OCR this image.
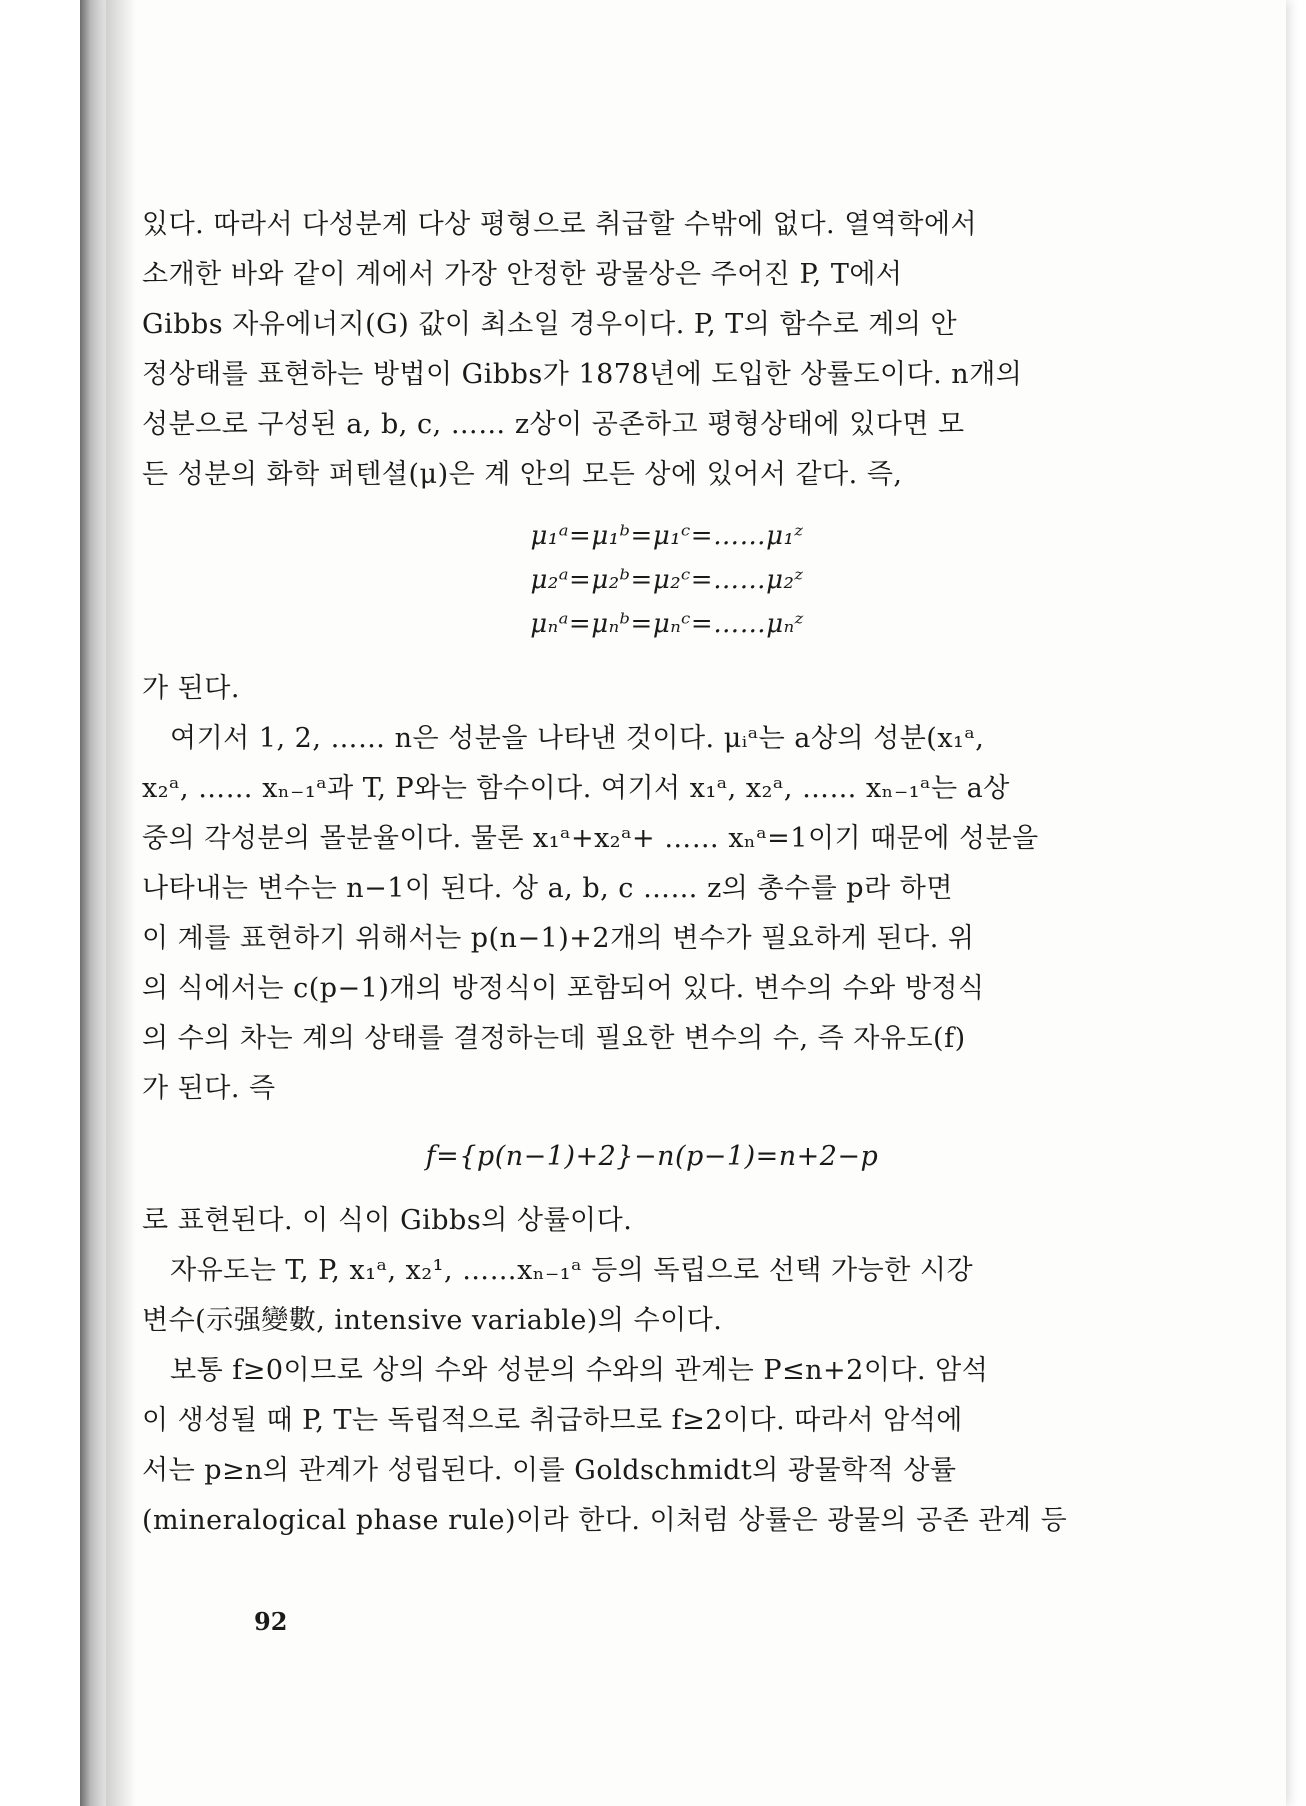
있다. 따라서 다성분계 다상 평형으로 취급할 수밖에 없다. 열역학에서
소개한 바와 같이 계에서 가장 안정한 광물상은 주어진 P, T에서
Gibbs 자유에너지(G) 값이 최소일 경우이다. P, T의 함수로 계의 안
정상태를 표현하는 방법이 Gibbs가 1878년에 도입한 상률도이다. n개의
성분으로 구성된 a, b, c, …… z상이 공존하고 평형상태에 있다면 모
든 성분의 화학 퍼텐셜(μ)은 계 안의 모든 상에 있어서 같다. 즉,
μ₁ᵃ=μ₁ᵇ=μ₁ᶜ=……μ₁ᶻ
μ₂ᵃ=μ₂ᵇ=μ₂ᶜ=……μ₂ᶻ
μₙᵃ=μₙᵇ=μₙᶜ=……μₙᶻ
가 된다.
여기서 1, 2, …… n은 성분을 나타낸 것이다. μᵢᵃ는 a상의 성분(x₁ᵃ,
x₂ᵃ, …… xₙ₋₁ᵃ과 T, P와는 함수이다. 여기서 x₁ᵃ, x₂ᵃ, …… xₙ₋₁ᵃ는 a상
중의 각성분의 몰분율이다. 물론 x₁ᵃ+x₂ᵃ+ …… xₙᵃ=1이기 때문에 성분을
나타내는 변수는 n−1이 된다. 상 a, b, c …… z의 총수를 p라 하면
이 계를 표현하기 위해서는 p(n−1)+2개의 변수가 필요하게 된다. 위
의 식에서는 c(p−1)개의 방정식이 포함되어 있다. 변수의 수와 방정식
의 수의 차는 계의 상태를 결정하는데 필요한 변수의 수, 즉 자유도(f)
가 된다. 즉
f={p(n−1)+2}−n(p−1)=n+2−p
로 표현된다. 이 식이 Gibbs의 상률이다.
자유도는 T, P, x₁ᵃ, x₂¹, ……xₙ₋₁ᵃ 등의 독립으로 선택 가능한 시강
변수(示强變數, intensive variable)의 수이다.
보통 f≥0이므로 상의 수와 성분의 수와의 관계는 P≤n+2이다. 암석
이 생성될 때 P, T는 독립적으로 취급하므로 f≥2이다. 따라서 암석에
서는 p≥n의 관계가 성립된다. 이를 Goldschmidt의 광물학적 상률
(mineralogical phase rule)이라 한다. 이처럼 상률은 광물의 공존 관계 등
92
